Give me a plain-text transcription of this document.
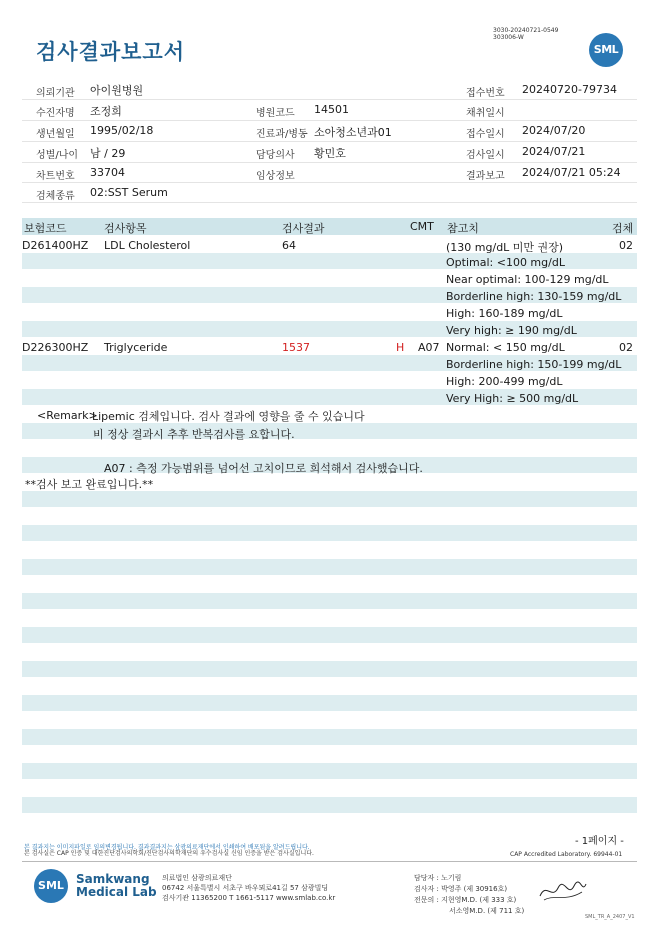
검사결과보고서
3030-20240721-0549
303006-W
SML
의뢰기관 아이원병원	접수번호 20240720-79734
수진자명 조정희	병원코드 14501	채취일시
생년월일 1995/02/18	진료과/병동 소아청소년과01	접수일시 2024/07/20
성별/나이 남 / 29	담당의사 황민호	검사일시 2024/07/21
차트번호 33704	임상정보	결과보고 2024/07/21 05:24
검체종류 02:SST Serum
보험코드	검사항목	검사결과	CMT 참고치	검체
D261400HZ LDL Cholesterol	64	(130 mg/dL 미만 권장)	02
Optimal: <100 mg/dL
Near optimal: 100-129 mg/dL
Borderline high: 130-159 mg/dL
High: 160-189 mg/dL
Very high: ≥ 190 mg/dL
D226300HZ Triglyceride	1537	H A07 Normal: < 150 mg/dL	02
Borderline high: 150-199 mg/dL
High: 200-499 mg/dL
Very High: ≥ 500 mg/dL
<Remark>
Lipemic 검체입니다. 검사 결과에 영향을 줄 수 있습니다
비 정상 결과시 추후 반복검사를 요합니다.
A07 : 측정 가능범위를 넘어선 고치이므로 희석해서 검사했습니다.
**검사 보고 완료입니다.**
본 결과지는 이미지파일로 임의변경됩니다. 결과결과지는 삼광의료재단에서 인쇄하여 배포됨을 알려드립니다.
본 검사실은 CAP 인증 및 대한진단검사의학회/진단검사의학재단의 우수검사실 신임 인증을 받은 검사실입니다.
- 1페이지 -
CAP Accredited Laboratory. 69944-01
SML	Samkwang
Medical Lab
의료법인 삼광의료재단
06742 서울특별시 서초구 바우뫼로41길 57 삼광빌딩
검사기관 11365200 T 1661-5117 www.smlab.co.kr
담당자 : 노기림
검사자 : 박영주 (제 30916호)
전문의 : 지현영M.D. (제 333 호)
서소영M.D. (제 711 호)
SML_TR_A_2407_V1
